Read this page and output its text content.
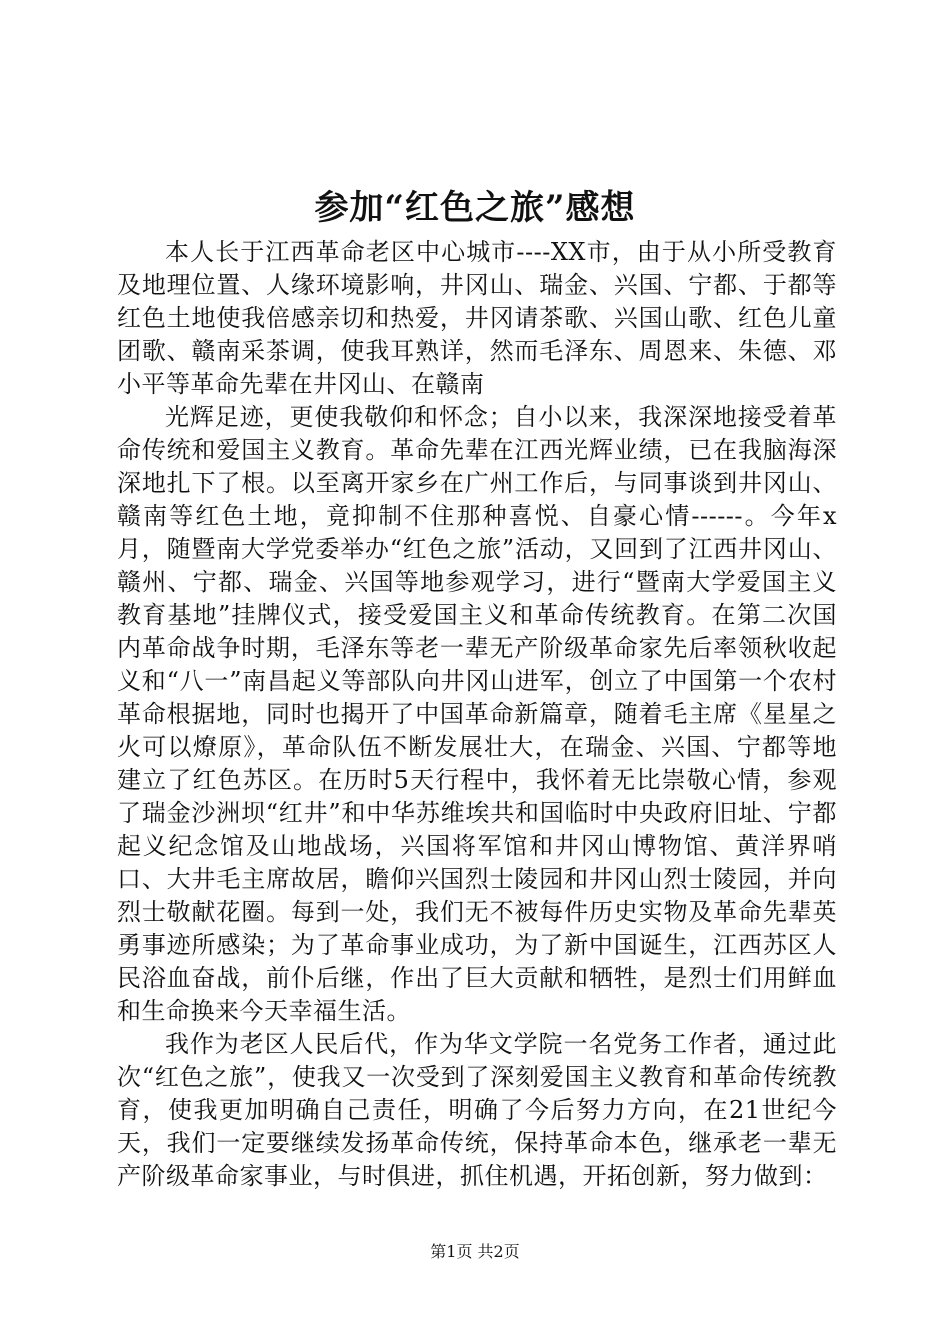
参加“红色之旅”感想

本人长于江西革命老区中心城市----XX市，由于从小所受教育及地理位置、人缘环境影响，井冈山、瑞金、兴国、宁都、于都等红色土地使我倍感亲切和热爱，井冈请茶歌、兴国山歌、红色儿童团歌、赣南采茶调，使我耳熟详，然而毛泽东、周恩来、朱德、邓小平等革命先辈在井冈山、在赣南

光辉足迹，更使我敬仰和怀念；自小以来，我深深地接受着革命传统和爱国主义教育。革命先辈在江西光辉业绩，已在我脑海深深地扎下了根。以至离开家乡在广州工作后，与同事谈到井冈山、赣南等红色土地，竟抑制不住那种喜悦、自豪心情------。今年x月，随暨南大学党委举办“红色之旅”活动，又回到了江西井冈山、赣州、宁都、瑞金、兴国等地参观学习，进行“暨南大学爱国主义教育基地”挂牌仪式，接受爱国主义和革命传统教育。在第二次国内革命战争时期，毛泽东等老一辈无产阶级革命家先后率领秋收起义和“八一”南昌起义等部队向井冈山进军，创立了中国第一个农村革命根据地，同时也揭开了中国革命新篇章，随着毛主席《星星之火可以燎原》，革命队伍不断发展壮大，在瑞金、兴国、宁都等地建立了红色苏区。在历时5天行程中，我怀着无比崇敬心情，参观了瑞金沙洲坝“红井”和中华苏维埃共和国临时中央政府旧址、宁都起义纪念馆及山地战场，兴国将军馆和井冈山博物馆、黄洋界哨口、大井毛主席故居，瞻仰兴国烈士陵园和井冈山烈士陵园，并向烈士敬献花圈。每到一处，我们无不被每件历史实物及革命先辈英勇事迹所感染；为了革命事业成功，为了新中国诞生，江西苏区人民浴血奋战，前仆后继，作出了巨大贡献和牺牲，是烈士们用鲜血和生命换来今天幸福生活。

我作为老区人民后代，作为华文学院一名党务工作者，通过此次“红色之旅”，使我又一次受到了深刻爱国主义教育和革命传统教育，使我更加明确自己责任，明确了今后努力方向，在21世纪今天，我们一定要继续发扬革命传统，保持革命本色，继承老一辈无产阶级革命家事业，与时俱进，抓住机遇，开拓创新，努力做到：

第1页 共2页
